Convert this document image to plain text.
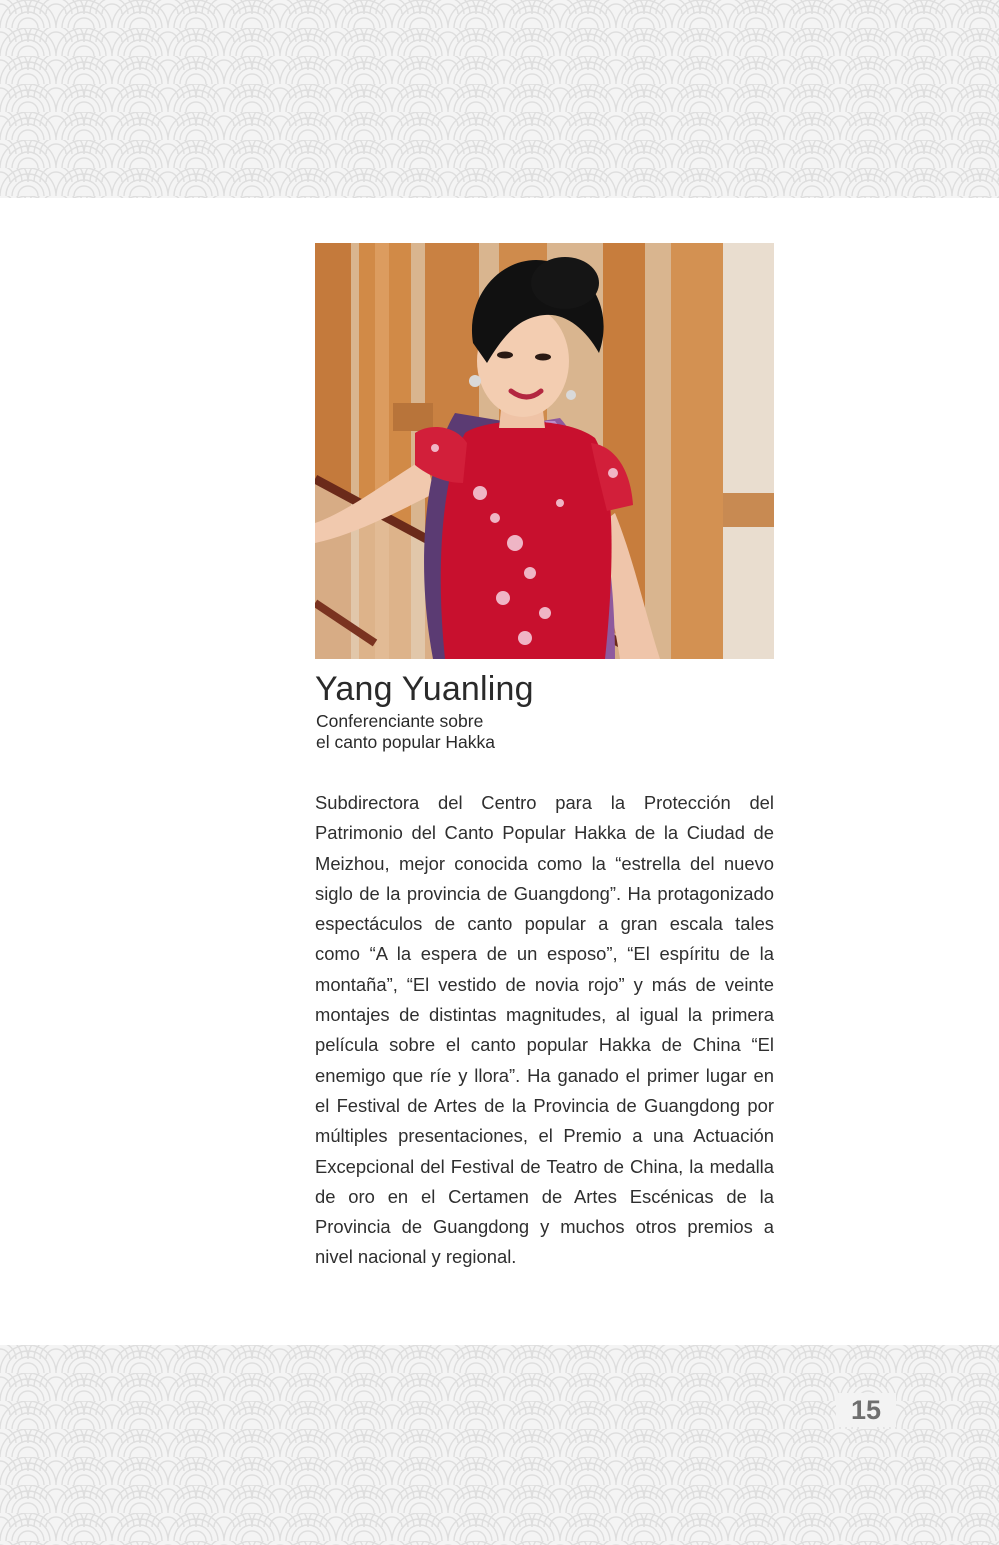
Yang Yuanling

Conferenciante sobre
el canto popular Hakka

Subdirectora del Centro para la Protección del Patrimonio del Canto Popular Hakka de la Ciudad de Meizhou, mejor conocida como la “estrella del nuevo siglo de la provincia de Guangdong”. Ha protagonizado espectáculos de canto popular a gran escala tales como “A la espera de un esposo”, “El espíritu de la montaña”, “El vestido de novia rojo” y más de veinte montajes de distintas magnitudes, al igual la primera película sobre el canto popular Hakka de China “El enemigo que ríe y llora”. Ha ganado el primer lugar en el Festival de Artes de la Provincia de Guangdong por múltiples presentaciones, el Premio a una Actuación Excepcional del Festival de Teatro de China, la medalla de oro en el Certamen de Artes Escénicas de la Provincia de Guangdong y muchos otros premios a nivel nacional y regional.

15
